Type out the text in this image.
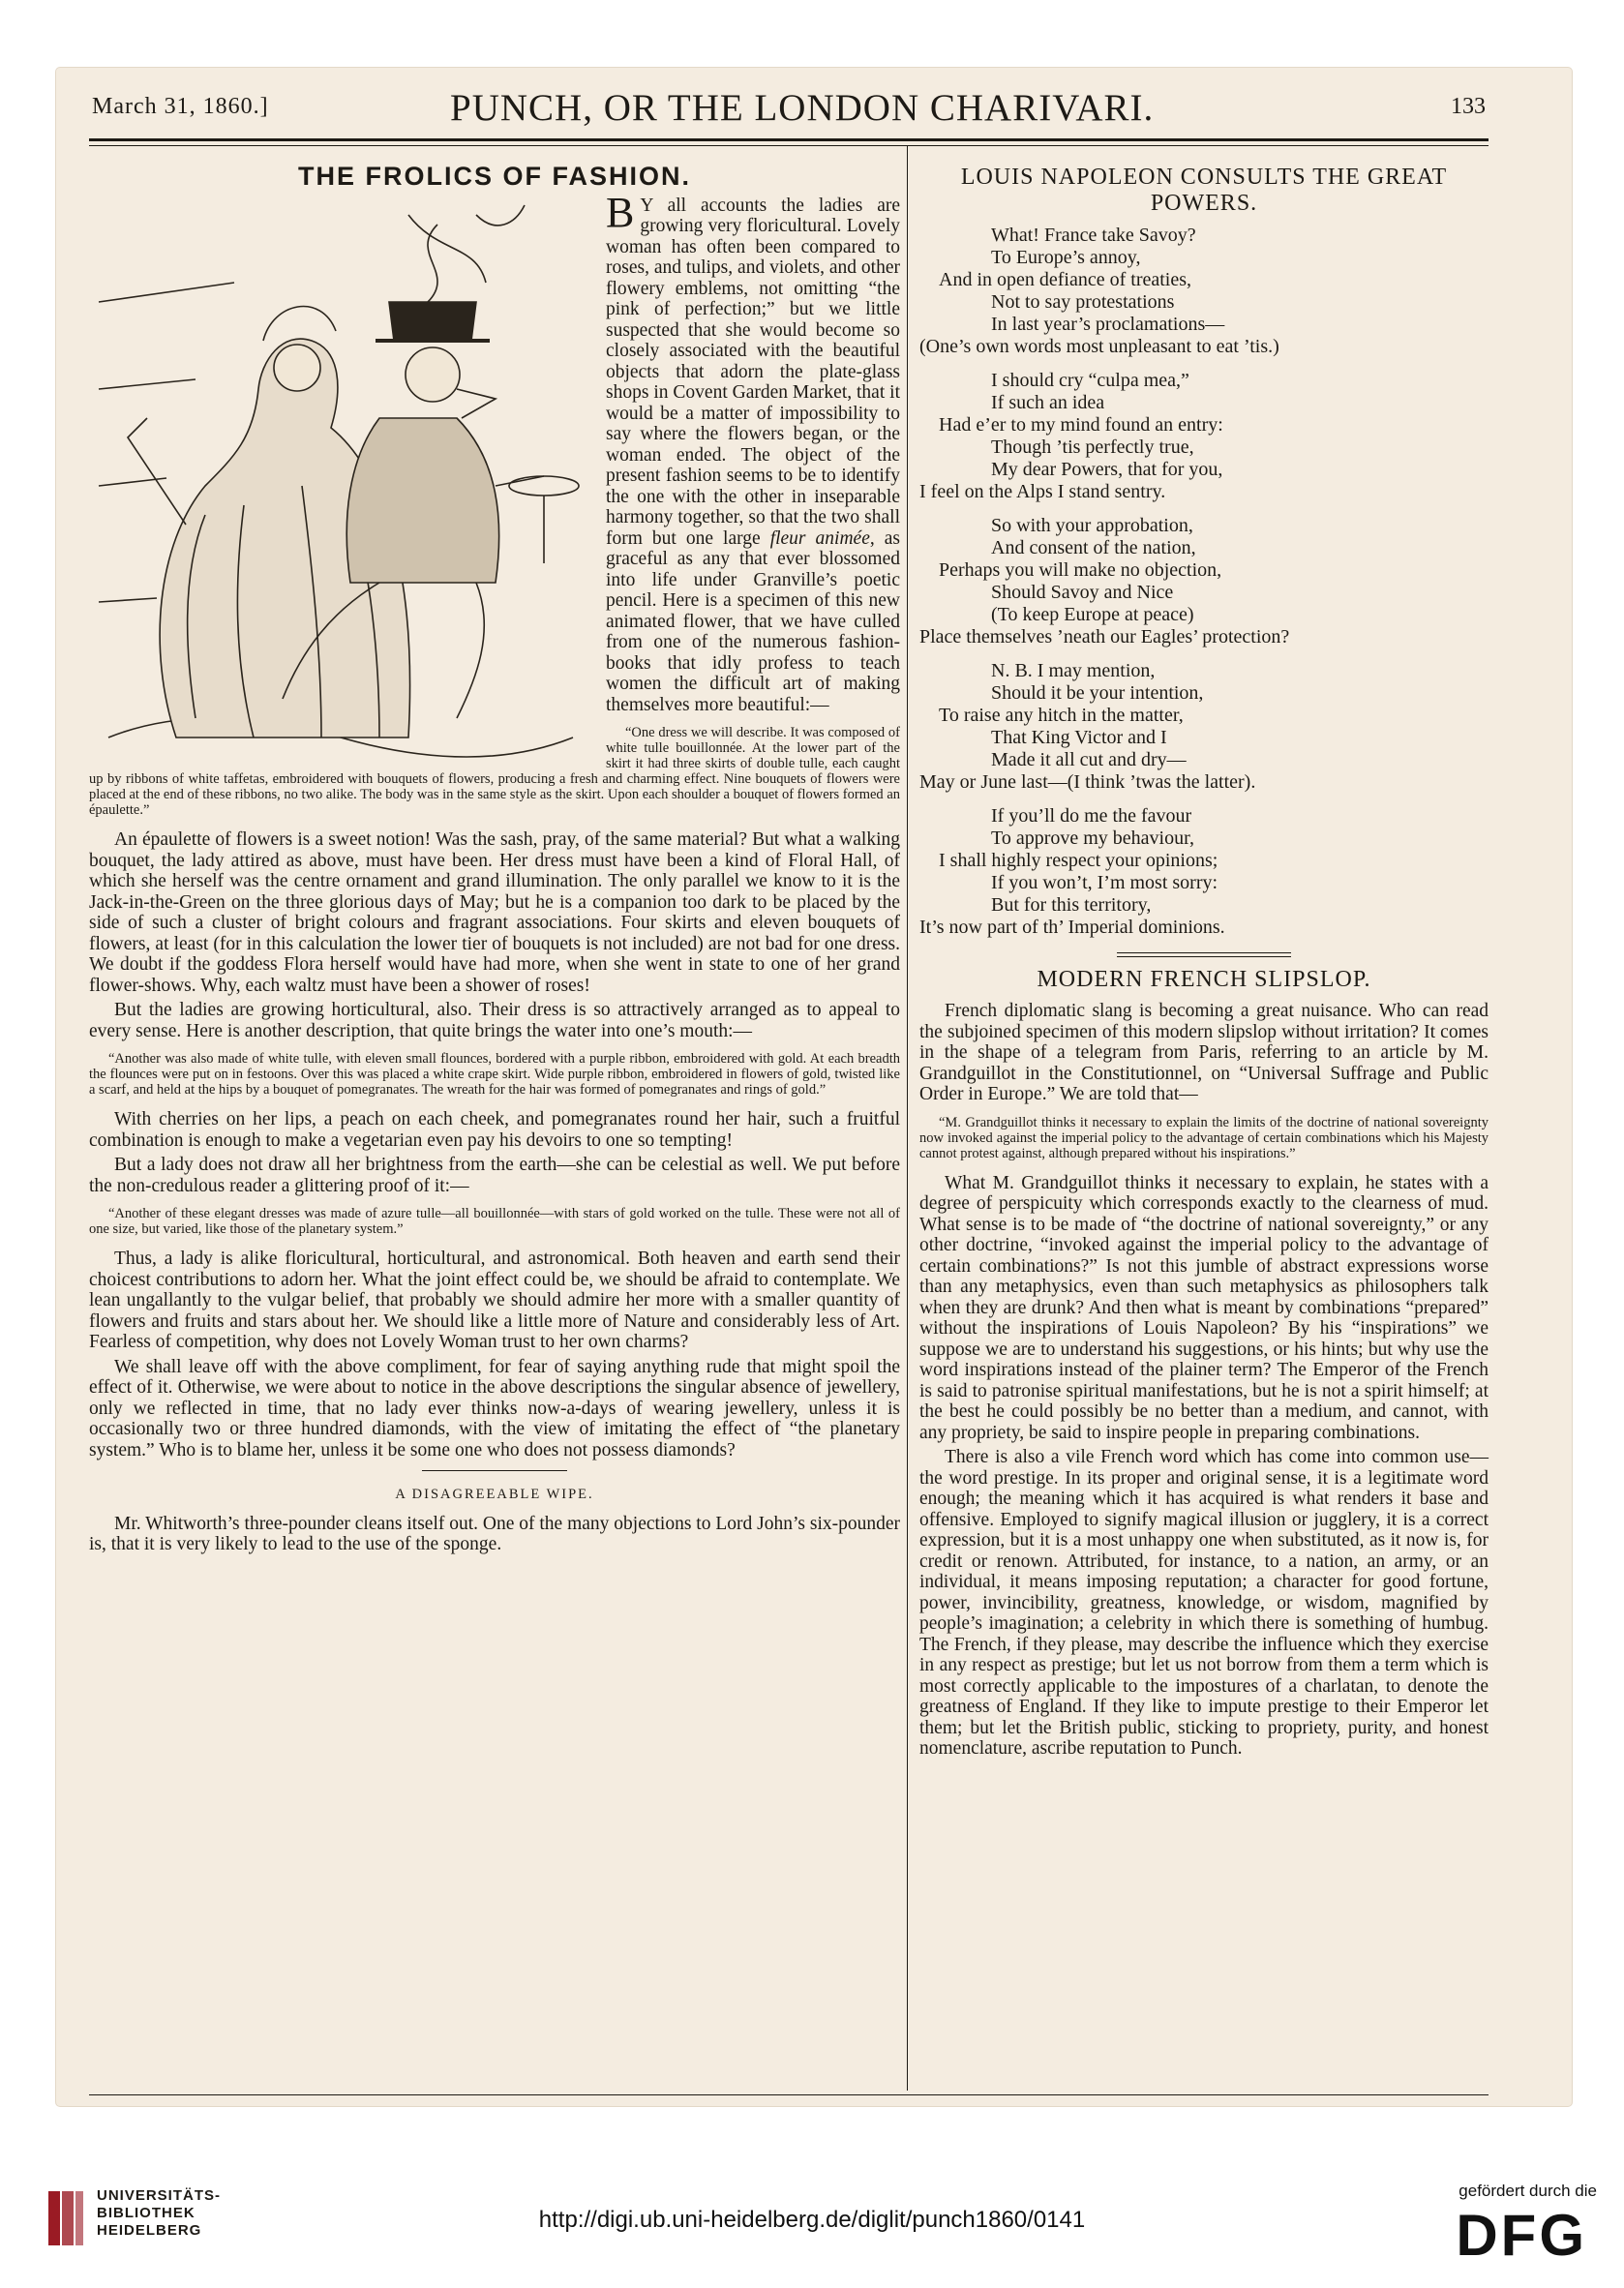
March 31, 1860.]	PUNCH, OR THE LONDON CHARIVARI.	133
THE FROLICS OF FASHION.

B Y all accounts the ladies are growing very floricultural. Lovely woman has often been compared to roses, and tulips, and violets, and other flowery emblems, not omitting “the pink of perfection;” but we little suspected that she would become so closely associated with the beautiful objects that adorn the plate-glass shops in Covent Garden Market, that it would be a matter of impossibility to say where the flowers began, or the woman ended. The object of the present fashion seems to be to identify the one with the other in inseparable harmony together, so that the two shall form but one large fleur animée, as graceful as any that ever blossomed into life under Granville’s poetic pencil. Here is a specimen of this new animated flower, that we have culled from one of the numerous fashion-books that idly profess to teach women the difficult art of making themselves more beautiful:—

“One dress we will describe. It was composed of white tulle bouillonnée. At the lower part of the skirt it had three skirts of double tulle, each caught up by ribbons of white taffetas, embroidered with bouquets of flowers, producing a fresh and charming effect. Nine bouquets of flowers were placed at the end of these ribbons, no two alike. The body was in the same style as the skirt. Upon each shoulder a bouquet of flowers formed an épaulette.”

An épaulette of flowers is a sweet notion! Was the sash, pray, of the same material? But what a walking bouquet, the lady attired as above, must have been. Her dress must have been a kind of Floral Hall, of which she herself was the centre ornament and grand illumination. The only parallel we know to it is the Jack-in-the-Green on the three glorious days of May; but he is a companion too dark to be placed by the side of such a cluster of bright colours and fragrant associations. Four skirts and eleven bouquets of flowers, at least (for in this calculation the lower tier of bouquets is not included) are not bad for one dress. We doubt if the goddess Flora herself would have had more, when she went in state to one of her grand flower-shows. Why, each waltz must have been a shower of roses!

But the ladies are growing horticultural, also. Their dress is so attractively arranged as to appeal to every sense. Here is another description, that quite brings the water into one’s mouth:—

“Another was also made of white tulle, with eleven small flounces, bordered with a purple ribbon, embroidered with gold. At each breadth the flounces were put on in festoons. Over this was placed a white crape skirt. Wide purple ribbon, embroidered in flowers of gold, twisted like a scarf, and held at the hips by a bouquet of pomegranates. The wreath for the hair was formed of pomegranates and rings of gold.”

With cherries on her lips, a peach on each cheek, and pomegranates round her hair, such a fruitful combination is enough to make a vegetarian even pay his devoirs to one so tempting!

But a lady does not draw all her brightness from the earth—she can be celestial as well. We put before the non-credulous reader a glittering proof of it:—

“Another of these elegant dresses was made of azure tulle—all bouillonnée—with stars of gold worked on the tulle. These were not all of one size, but varied, like those of the planetary system.”

Thus, a lady is alike floricultural, horticultural, and astronomical. Both heaven and earth send their choicest contributions to adorn her. What the joint effect could be, we should be afraid to contemplate. We lean ungallantly to the vulgar belief, that probably we should admire her more with a smaller quantity of flowers and fruits and stars about her. We should like a little more of Nature and considerably less of Art. Fearless of competition, why does not Lovely Woman trust to her own charms?

We shall leave off with the above compliment, for fear of saying anything rude that might spoil the effect of it. Otherwise, we were about to notice in the above descriptions the singular absence of jewellery, only we reflected in time, that no lady ever thinks now-a-days of wearing jewellery, unless it is occasionally two or three hundred diamonds, with the view of imitating the effect of “the planetary system.” Who is to blame her, unless it be some one who does not possess diamonds?

A DISAGREEABLE WIPE.

Mr. Whitworth’s three-pounder cleans itself out. One of the many objections to Lord John’s six-pounder is, that it is very likely to lead to the use of the sponge.

LOUIS NAPOLEON CONSULTS THE GREAT POWERS.
What! France take Savoy?
To Europe’s annoy,
And in open defiance of treaties,
Not to say protestations
In last year’s proclamations—
(One’s own words most unpleasant to eat ’tis.)
I should cry “culpa mea,”
If such an idea
Had e’er to my mind found an entry:
Though ’tis perfectly true,
My dear Powers, that for you,
I feel on the Alps I stand sentry.
So with your approbation,
And consent of the nation,
Perhaps you will make no objection,
Should Savoy and Nice
(To keep Europe at peace)
Place themselves ’neath our Eagles’ protection?
N. B. I may mention,
Should it be your intention,
To raise any hitch in the matter,
That King Victor and I
Made it all cut and dry—
May or June last—(I think ’twas the latter).
If you’ll do me the favour
To approve my behaviour,
I shall highly respect your opinions;
If you won’t, I’m most sorry:
But for this territory,
It’s now part of th’ Imperial dominions.
MODERN FRENCH SLIPSLOP.

French diplomatic slang is becoming a great nuisance. Who can read the subjoined specimen of this modern slipslop without irritation? It comes in the shape of a telegram from Paris, referring to an article by M. Grandguillot in the Constitutionnel, on “Universal Suffrage and Public Order in Europe.” We are told that—

“M. Grandguillot thinks it necessary to explain the limits of the doctrine of national sovereignty now invoked against the imperial policy to the advantage of certain combinations which his Majesty cannot protest against, although prepared without his inspirations.”

What M. Grandguillot thinks it necessary to explain, he states with a degree of perspicuity which corresponds exactly to the clearness of mud. What sense is to be made of “the doctrine of national sovereignty,” or any other doctrine, “invoked against the imperial policy to the advantage of certain combinations?” Is not this jumble of abstract expressions worse than any metaphysics, even than such metaphysics as philosophers talk when they are drunk? And then what is meant by combinations “prepared” without the inspirations of Louis Napoleon? By his “inspirations” we suppose we are to understand his suggestions, or his hints; but why use the word inspirations instead of the plainer term? The Emperor of the French is said to patronise spiritual manifestations, but he is not a spirit himself; at the best he could possibly be no better than a medium, and cannot, with any propriety, be said to inspire people in preparing combinations.

There is also a vile French word which has come into common use—the word prestige. In its proper and original sense, it is a legitimate word enough; the meaning which it has acquired is what renders it base and offensive. Employed to signify magical illusion or jugglery, it is a correct expression, but it is a most unhappy one when substituted, as it now is, for credit or renown. Attributed, for instance, to a nation, an army, or an individual, it means imposing reputation; a character for good fortune, power, invincibility, greatness, knowledge, or wisdom, magnified by people’s imagination; a celebrity in which there is something of humbug. The French, if they please, may describe the influence which they exercise in any respect as prestige; but let us not borrow from them a term which is most correctly applicable to the impostures of a charlatan, to denote the greatness of England. If they like to impute prestige to their Emperor let them; but let the British public, sticking to propriety, purity, and honest nomenclature, ascribe reputation to Punch.

UNIVERSITÄTS-
BIBLIOTHEK
HEIDELBERG	http://digi.ub.uni-heidelberg.de/diglit/punch1860/0141
gefördert durch die
DFG
